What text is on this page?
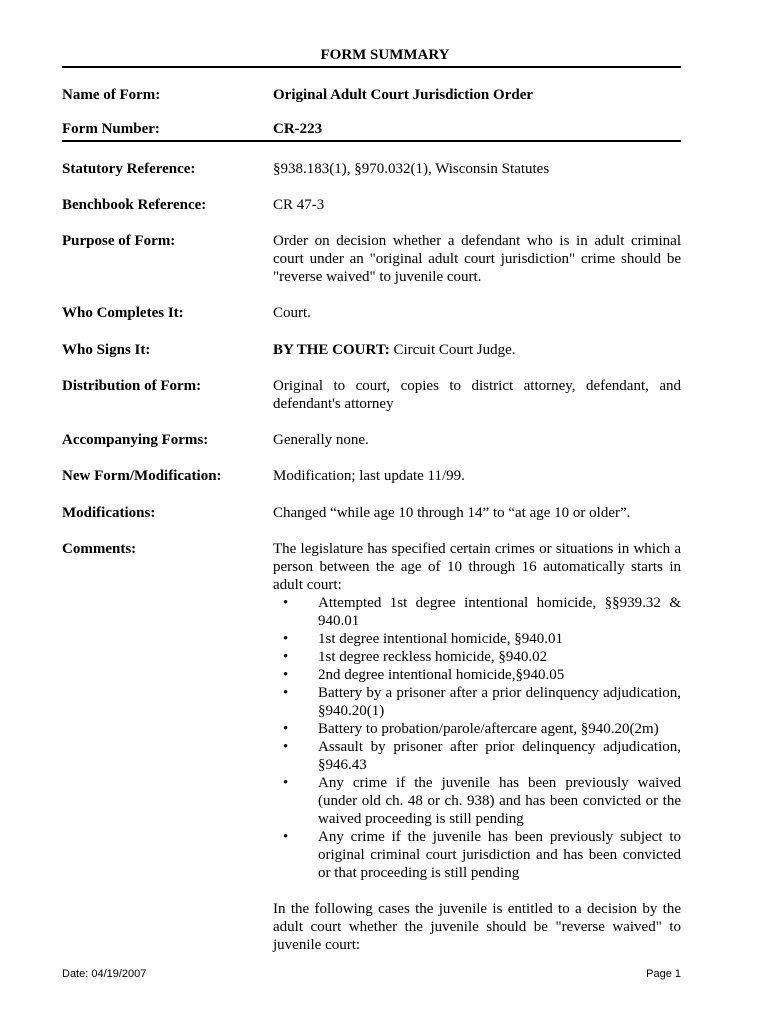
FORM SUMMARY
Name of Form:	Original Adult Court Jurisdiction Order
Form Number:	CR-223
Statutory Reference:	§938.183(1), §970.032(1), Wisconsin Statutes
Benchbook Reference:	CR 47-3
Purpose of Form:	Order on decision whether a defendant who is in adult criminal court under an "original adult court jurisdiction" crime should be "reverse waived" to juvenile court.
Who Completes It:	Court.
Who Signs It:	BY THE COURT: Circuit Court Judge.
Distribution of Form:	Original to court, copies to district attorney, defendant, and defendant's attorney
Accompanying Forms:	Generally none.
New Form/Modification:	Modification; last update 11/99.
Modifications:	Changed “while age 10 through 14” to “at age 10 or older”.
Comments:	The legislature has specified certain crimes or situations in which a person between the age of 10 through 16 automatically starts in adult court:
• Attempted 1st degree intentional homicide, §§939.32 & 940.01
• 1st degree intentional homicide, §940.01
• 1st degree reckless homicide, §940.02
• 2nd degree intentional homicide,§940.05
• Battery by a prisoner after a prior delinquency adjudication, §940.20(1)
• Battery to probation/parole/aftercare agent, §940.20(2m)
• Assault by prisoner after prior delinquency adjudication, §946.43
• Any crime if the juvenile has been previously waived (under old ch. 48 or ch. 938) and has been convicted or the waived proceeding is still pending
• Any crime if the juvenile has been previously subject to original criminal court jurisdiction and has been convicted or that proceeding is still pending
In the following cases the juvenile is entitled to a decision by the adult court whether the juvenile should be "reverse waived" to juvenile court:
Date: 04/19/2007	Page 1
